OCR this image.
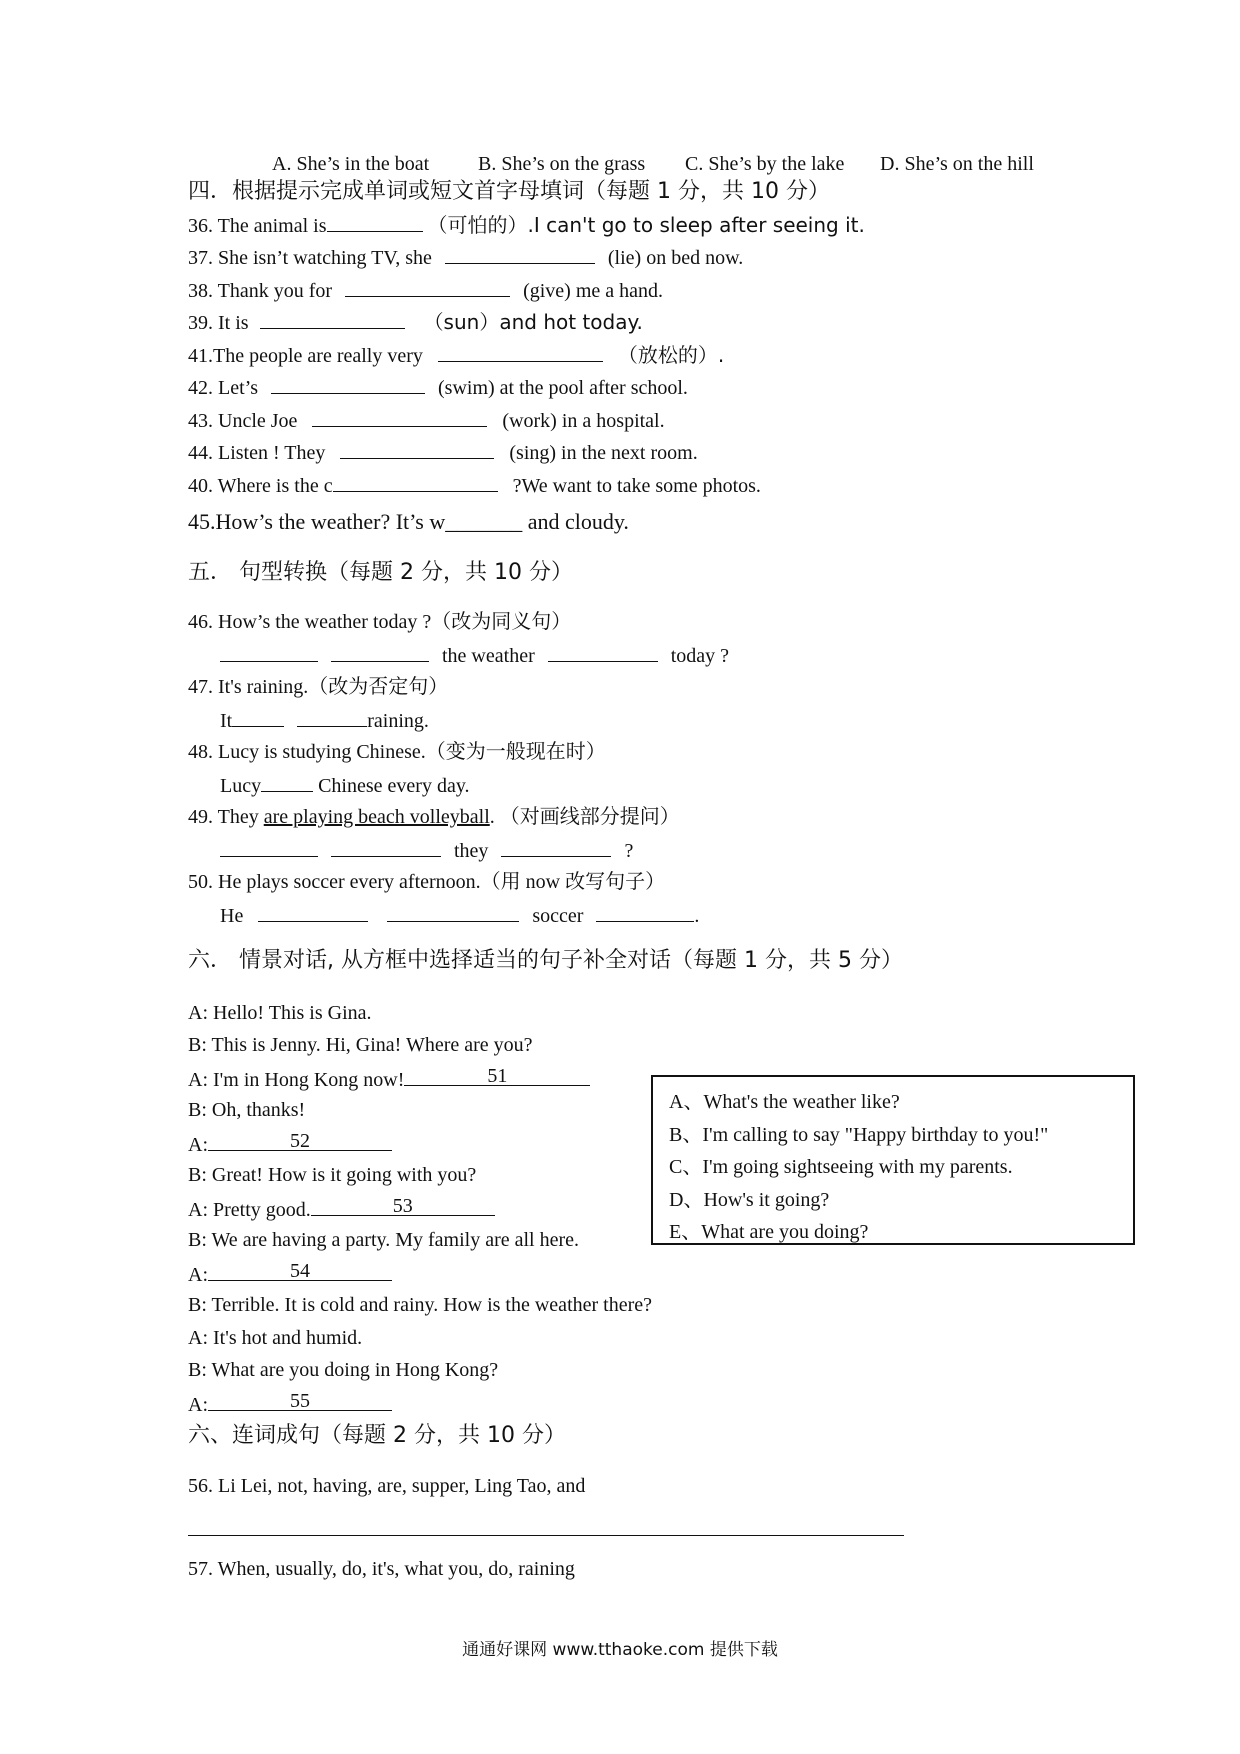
A. She’s in the boat B. She’s on the grass C. She’s by the lake D. She’s on the hill
四．根据提示完成单词或短文首字母填词（每题 1 分，共 10 分）
36. The animal is	（可怕的）.I can't go to sleep after seeing it.
37. She isn’t watching TV, she	(lie) on bed now.
38. Thank you for	(give) me a hand.
39. It is	（sun）and hot today.
41.The people are really very	（放松的）.
42. Let’s	(swim) at the pool after school.
43. Uncle Joe	(work) in a hospital.
44. Listen ! They	(sing) in the next room.
40. Where is the c	?We want to take some photos.
45.How’s the weather? It’s w_______ and cloudy.
五． 句型转换（每题 2 分，共 10 分）
46. How’s the weather today ?（改为同义句）
the weather	today ?
47. It's raining.（改为否定句）
It	raining.
48. Lucy is studying Chinese.（变为一般现在时）
Lucy	Chinese every day.
49. They are playing beach volleyball. （对画线部分提问）
they	?
50. He plays soccer every afternoon.（用 now 改写句子）
He	soccer	.
六． 情景对话, 从方框中选择适当的句子补全对话（每题 1 分，共 5 分）
A: Hello! This is Gina.
B: This is Jenny. Hi, Gina! Where are you?
A: I'm in Hong Kong now!	51
B: Oh, thanks!
A:	52
B: Great! How is it going with you?
A: Pretty good.	53
B: We are having a party. My family are all here.
A:	54
B: Terrible. It is cold and rainy. How is the weather there?
A: It's hot and humid.
B: What are you doing in Hong Kong?
A:	55
A、What's the weather like?
B、I'm calling to say "Happy birthday to you!"
C、I'm going sightseeing with my parents.
D、How's it going?
E、What are you doing?
六、连词成句（每题 2 分，共 10 分）
56. Li Lei, not, having, are, supper, Ling Tao, and
57. When, usually, do, it's, what you, do, raining
通通好课网 www.tthaoke.com 提供下载
